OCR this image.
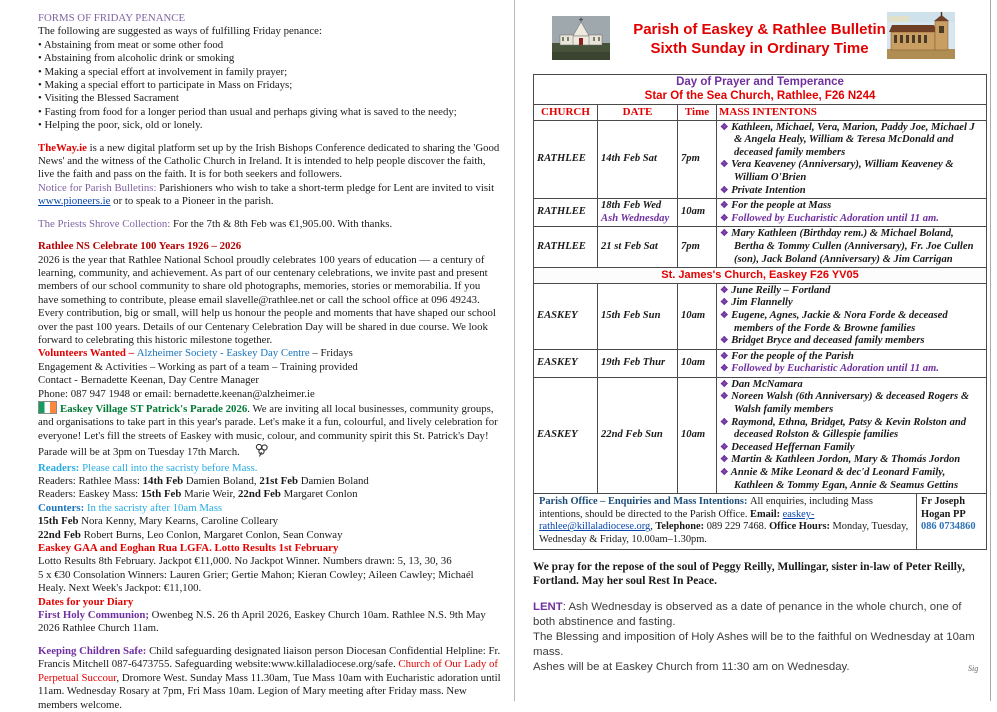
FORMS OF FRIDAY PENANCE
The following are suggested as ways of fulfilling Friday penance:
• Abstaining from meat or some other food
• Abstaining from alcoholic drink or smoking
• Making a special effort at involvement in family prayer;
• Making a special effort to participate in Mass on Fridays;
• Visiting the Blessed Sacrament
• Fasting from food for a longer period than usual and perhaps giving what is saved to the needy;
• Helping the poor, sick, old or lonely.
TheWay.ie is a new digital platform set up by the Irish Bishops Conference dedicated to sharing the 'Good News' and the witness of the Catholic Church in Ireland. It is intended to help people discover the faith, live the faith and pass on the faith. It is for both seekers and followers.
Notice for Parish Bulletins: Parishioners who wish to take a short-term pledge for Lent are invited to visit www.pioneers.ie or to speak to a Pioneer in the parish.
The Priests Shrove Collection: For the 7th & 8th Feb was €1,905.00. With thanks.
Rathlee NS Celebrate 100 Years 1926 – 2026
2026 is the year that Rathlee National School proudly celebrates 100 years of education — a century of learning, community, and achievement. As part of our centenary celebrations, we invite past and present members of our school community to share old photographs, memories, stories or memorabilia. If you have something to contribute, please email slavelle@rathlee.net or call the school office at 096 49243. Every contribution, big or small, will help us honour the people and moments that have shaped our school over the past 100 years. Details of our Centenary Celebration Day will be shared in due course. We look forward to celebrating this historic milestone together.
Volunteers Wanted – Alzheimer Society - Easkey Day Centre – Fridays
Engagement & Activities – Working as part of a team – Training provided
Contact - Bernadette Keenan, Day Centre Manager
Phone: 087 947 1948 or email: bernadette.keenan@alzheimer.ie
Easkey Village ST Patrick's Parade 2026. We are inviting all local businesses, community groups, and organisations to take part in this year's parade. Let's make it a fun, colourful, and lively celebration for everyone! Let's fill the streets of Easkey with music, colour, and community spirit this St. Patrick's Day! Parade will be at 3pm on Tuesday 17th March.
Readers: Please call into the sacristy before Mass.
Readers: Rathlee Mass: 14th Feb Damien Boland, 21st Feb Damien Boland
Readers: Easkey Mass: 15th Feb Marie Weir, 22nd Feb Margaret Conlon
Counters: In the sacristy after 10am Mass
15th Feb Nora Kenny, Mary Kearns, Caroline Colleary
22nd Feb Robert Burns, Leo Conlon, Margaret Conlon, Sean Conway
Easkey GAA and Eoghan Rua LGFA. Lotto Results 1st February
Lotto Results 8th February. Jackpot €11,000. No Jackpot Winner. Numbers drawn: 5, 13, 30, 36
5 x €30 Consolation Winners: Lauren Grier; Gertie Mahon; Kieran Cowley; Aileen Cawley; Michaél Healy. Next Week's Jackpot: €11,100.
Dates for your Diary
First Holy Communion; Owenbeg N.S. 26 th April 2026, Easkey Church 10am. Rathlee N.S. 9th May 2026 Rathlee Church 11am.
Keeping Children Safe: Child safeguarding designated liaison person Diocesan Confidential Helpline: Fr. Francis Mitchell 087-6473755. Safeguarding website:www.killaladiocese.org/safe. Church of Our Lady of Perpetual Succour, Dromore West. Sunday Mass 11.30am, Tue Mass 10am with Eucharistic adoration until 11am. Wednesday Rosary at 7pm, Fri Mass 10am. Legion of Mary meeting after Friday mass. New members welcome.
Parish of Easkey & Rathlee Bulletin
Sixth Sunday in Ordinary Time
Day of Prayer and Temperance
Star Of the Sea Church, Rathlee, F26 N244			

CHURCH	DATE	Time	MASS INTENTONS
RATHLEE	14th Feb Sat	7pm	❖ Kathleen, Michael, Vera, Marion, Paddy Joe, Michael J & Angela Healy, William & Teresa McDonald and deceased family members
❖ Vera Keaveney (Anniversary), William Keaveney & William O'Brien
❖ Private Intention

RATHLEE	18th Feb Wed
Ash Wednesday
	10am	
❖ For the people at Mass
❖ Followed by Eucharistic Adoration until 11 am.

RATHLEE	21 st Feb Sat	7pm	❖ Mary Kathleen (Birthday rem.) & Michael Boland, Bertha & Tommy Cullen (Anniversary), Fr. Joe Cullen (son), Jack Boland (Anniversary) & Jim Carrigan

St. James's Church, Easkey F26 YV05			
EASKEY	15th Feb Sun	10am	❖ June Reilly – Fortland
❖ Jim Flannelly
❖ Eugene, Agnes, Jackie & Nora Forde & deceased members of the Forde & Browne families
❖ Bridget Bryce and deceased family members

EASKEY	19th Feb Thur	10am	❖ For the people of the Parish
❖ Followed by Eucharistic Adoration until 11 am.

EASKEY	22nd Feb Sun	10am	
❖ Dan McNamara
❖ Noreen Walsh (6th Anniversary) & deceased Rogers & Walsh family members
❖ Raymond, Ethna, Bridget, Patsy & Kevin Rolston and deceased Rolston & Gillespie families
❖ Deceased Heffernan Family
❖ Martin & Kathleen Jordon, Mary & Thomás Jordon
❖ Annie & Mike Leonard & dec'd Leonard Family, Kathleen & Tommy Egan, Annie & Seamus Gettins

Parish Office – Enquiries and Mass Intentions: All enquiries, including Mass intentions, should be directed to the Parish Office. Email: easkey-rathlee@killaladiocese.org, Telephone: 089 229 7468. Office Hours: Monday, Tuesday, Wednesday & Friday, 10.00am–1.30pm.
Fr Joseph Hogan PP
086 0734860			
We pray for the repose of the soul of Peggy Reilly, Mullingar, sister in-law of Peter Reilly, Fortland. May her soul Rest In Peace.
LENT: Ash Wednesday is observed as a date of penance in the whole church, one of both abstinence and fasting.
The Blessing and imposition of Holy Ashes will be to the faithful on Wednesday at 10am mass.
Ashes will be at Easkey Church from 11:30 am on Wednesday.	Sig
